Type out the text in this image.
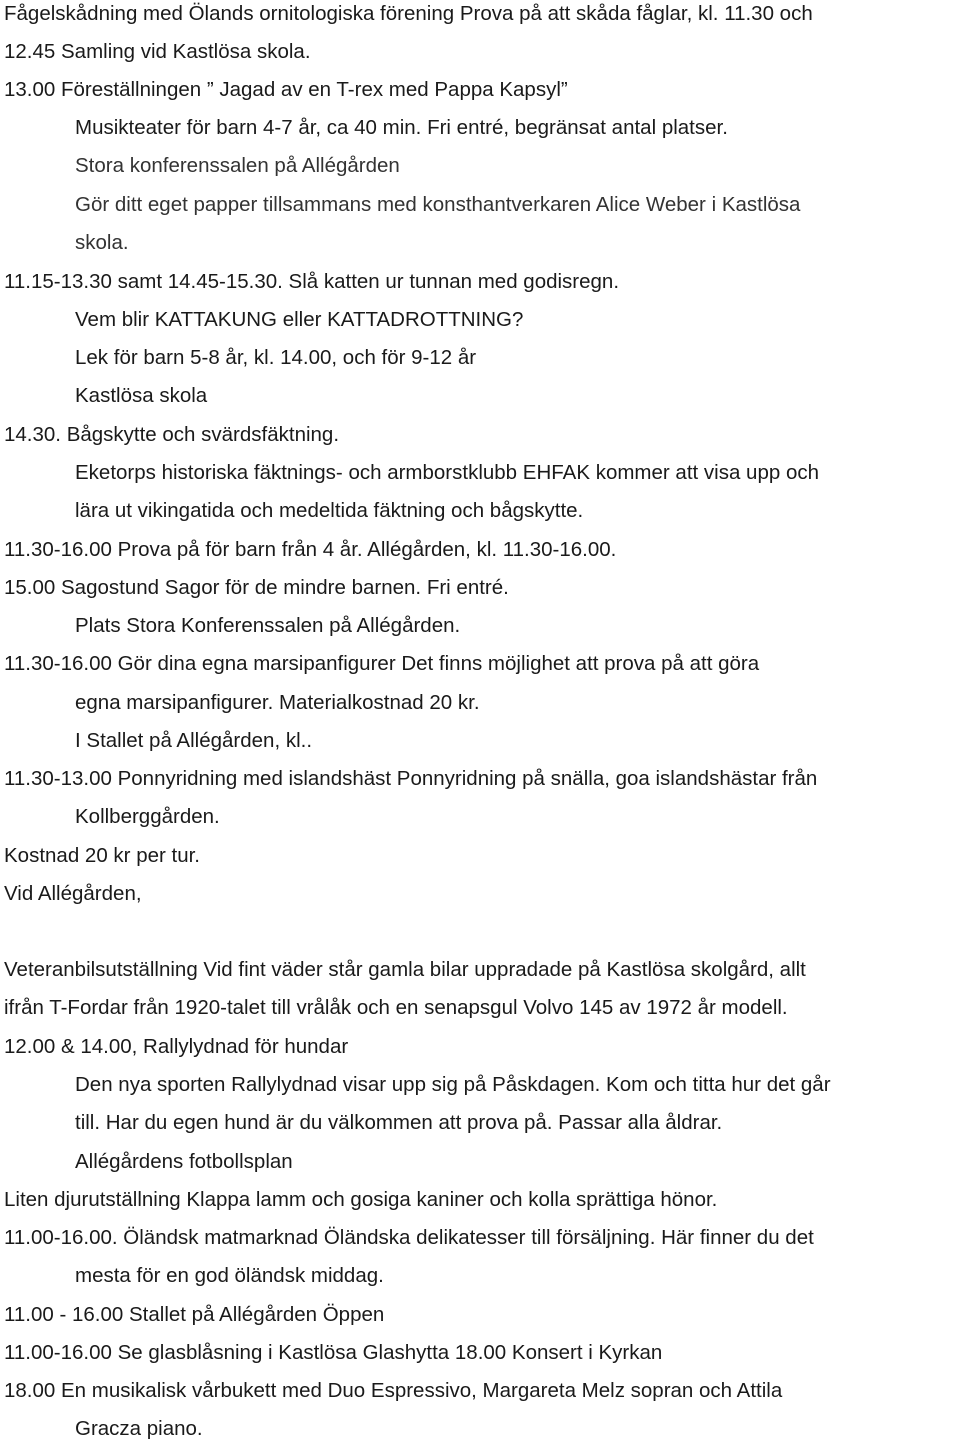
Fågelskådning med Ölands ornitologiska förening Prova på att skåda fåglar, kl. 11.30 och
12.45 Samling vid Kastlösa skola.
13.00 Föreställningen ” Jagad av en T-rex med Pappa Kapsyl”
Musikteater för barn 4-7 år, ca 40 min. Fri entré, begränsat antal platser.
Stora konferenssalen på Allégården
Gör ditt eget papper tillsammans med konsthantverkaren Alice Weber i Kastlösa
skola.
11.15-13.30 samt 14.45-15.30. Slå katten ur tunnan med godisregn.
Vem blir KATTAKUNG eller KATTADROTTNING?
Lek för barn 5-8 år, kl. 14.00, och för 9-12 år
Kastlösa skola
14.30. Bågskytte och svärdsfäktning.
Eketorps historiska fäktnings- och armborstklubb EHFAK kommer att visa upp och
lära ut vikingatida och medeltida fäktning och bågskytte.
11.30-16.00 Prova på för barn från 4 år. Allégården, kl. 11.30-16.00.
15.00 Sagostund Sagor för de mindre barnen. Fri entré.
Plats Stora Konferenssalen på Allégården.
11.30-16.00 Gör dina egna marsipanfigurer Det finns möjlighet att prova på att göra
egna marsipanfigurer. Materialkostnad 20 kr.
I Stallet på Allégården, kl..
11.30-13.00 Ponnyridning med islandshäst Ponnyridning på snälla, goa islandshästar från
Kollberggården.
Kostnad 20 kr per tur.
Vid Allégården,
Veteranbilsutställning Vid fint väder står gamla bilar uppradade på Kastlösa skolgård, allt
ifrån T-Fordar från 1920-talet till vrålåk och en senapsgul Volvo 145 av 1972 år modell.
12.00 & 14.00, Rallylydnad för hundar
Den nya sporten Rallylydnad visar upp sig på Påskdagen. Kom och titta hur det går
till. Har du egen hund är du välkommen att prova på. Passar alla åldrar.
Allégårdens fotbollsplan
Liten djurutställning Klappa lamm och gosiga kaniner och kolla sprättiga hönor.
11.00-16.00. Öländsk matmarknad Öländska delikatesser till försäljning. Här finner du det
mesta för en god öländsk middag.
11.00 - 16.00 Stallet på Allégården Öppen
11.00-16.00 Se glasblåsning i Kastlösa Glashytta 18.00 Konsert i Kyrkan
18.00 En musikalisk vårbukett med Duo Espressivo, Margareta Melz sopran och Attila
Gracza piano.
